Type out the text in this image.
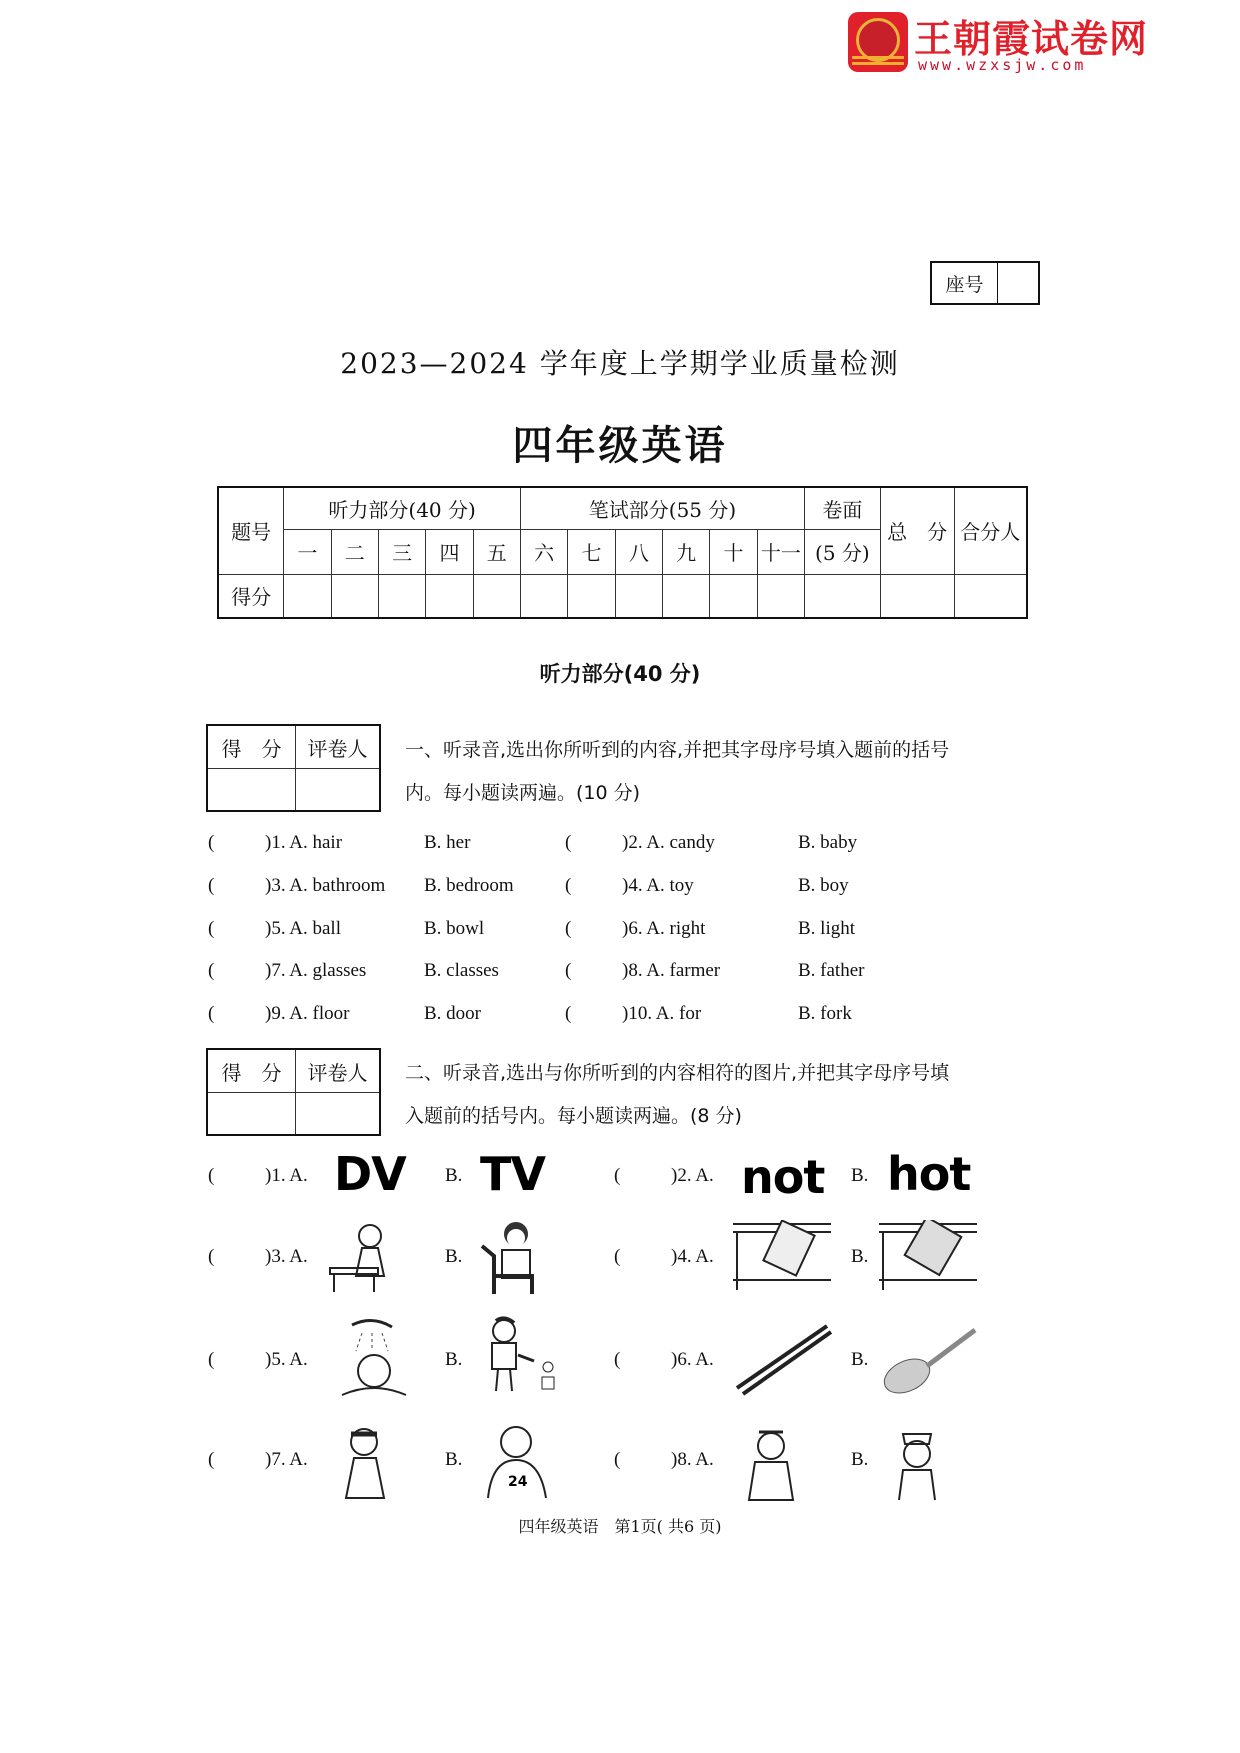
王朝霞试卷网
www.wzxsjw.com
座号
2023—2024 学年度上学期学业质量检测
四年级英语
题号	听力部分(40 分)					笔试部分(55 分)						卷面	总　分	合分人
	一	二	三	四	五	六	七	八	九	十	十一	(5 分)		
得分														
听力部分(40 分)
得　分	评卷人	一、听录音,选出你所听到的内容,并把其字母序号填入题前的括号
内。每小题读两遍。(10 分)
(	)1. A. hair	B. her	(	)2. A. candy	B. baby
(	)3. A. bathroom B. bedroom	(	)4. A. toy	B. boy
(	)5. A. ball	B. bowl	(	)6. A. right	B. light
(	)7. A. glasses	B. classes	(	)8. A. farmer	B. father
(	)9. A. floor	B. door	(	)10. A. for	B. fork
得　分	评卷人	二、听录音,选出与你所听到的内容相符的图片,并把其字母序号填
入题前的括号内。每小题读两遍。(8 分)
(	)1. A.	B.	(	)2. A.	B.
(	)3. A.	B.	(	)4. A.	B.
(	)5. A.	B.	(	)6. A.	B.
(	)7. A.	B.	(	)8. A.	B.
DV TV	not hot
24
四年级英语　第1页( 共6 页)
